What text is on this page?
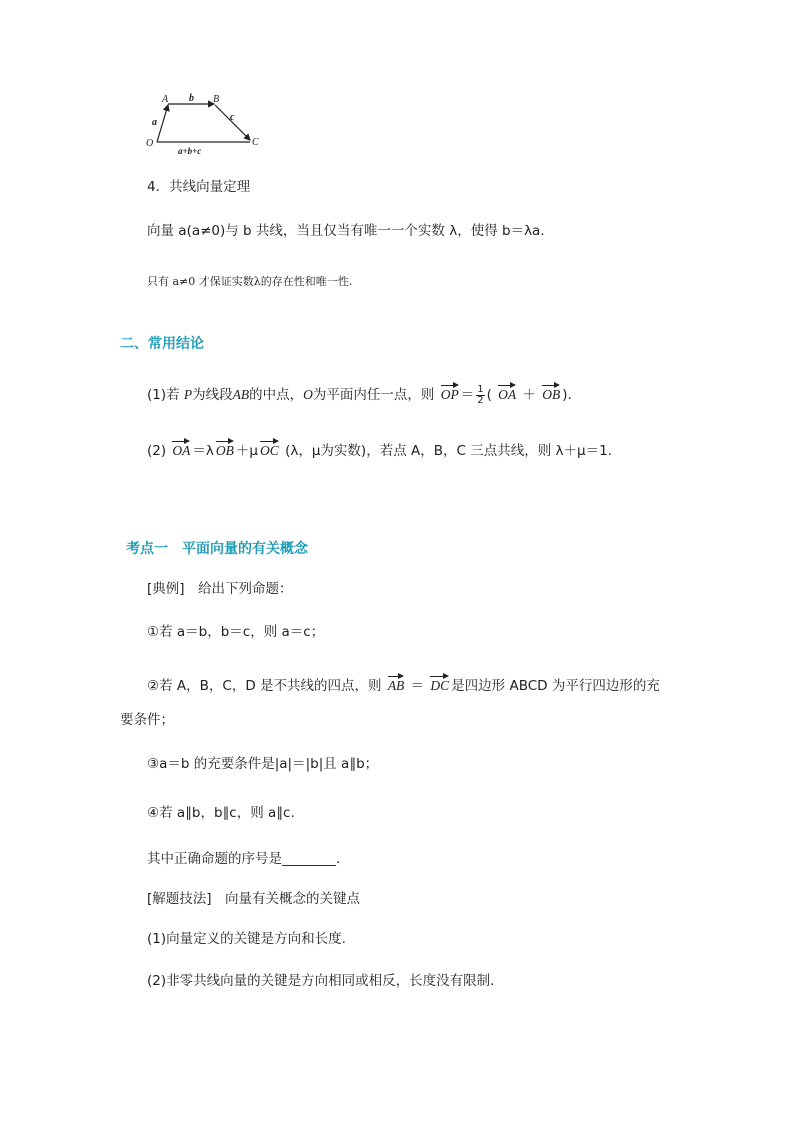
A	B
O	C
a
b
c
a+b+c
4．共线向量定理
向量 a(a≠0)与 b 共线，当且仅当有唯一一个实数 λ，使得 b＝λa.
只有 a≠0 才保证实数λ的存在性和唯一性.
二、常用结论
(1)若 P为线段AB的中点，O为平面内任一点，则 OP ＝ $\frac{1}{2}$ ( OA ＋ OB ).
(2) OA ＝λ OB ＋μ OC (λ，μ为实数)，若点 A，B，C 三点共线，则 λ＋μ＝1.
考点一　平面向量的有关概念
[典例]　给出下列命题：
①若 a＝b，b＝c，则 a＝c；
②若 A，B，C，D 是不共线的四点，则 AB ＝ DC 是四边形 ABCD 为平行四边形的充
要条件；
③a＝b 的充要条件是|a|＝|b|且 a∥b；
④若 a∥b，b∥c，则 a∥c.
其中正确命题的序号是________.
[解题技法]　向量有关概念的关键点
(1)向量定义的关键是方向和长度.
(2)非零共线向量的关键是方向相同或相反，长度没有限制.
